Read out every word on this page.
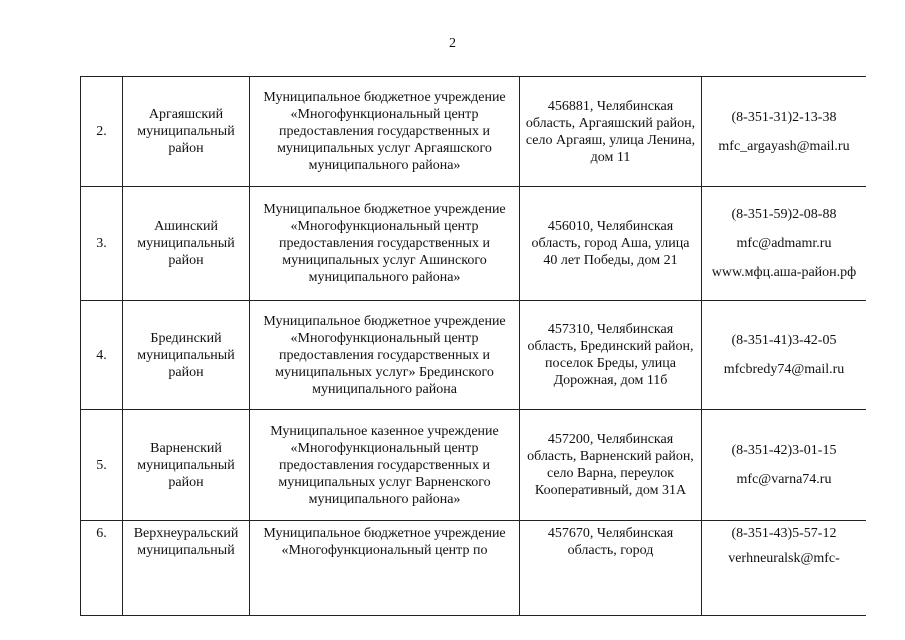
2
2.	Аргаяшский муниципальный район	Муниципальное бюджетное учреждение «Многофункциональный центр предоставления государственных и муниципальных услуг Аргаяшского муниципального района»	456881, Челябинская область, Аргаяшский район, село Аргаяш, улица Ленина, дом 11	(8-351-31)2-13-38

mfc_argayash@mail.ru

3.	Ашинский муниципальный район	Муниципальное бюджетное учреждение «Многофункциональный центр предоставления государственных и муниципальных услуг Ашинского муниципального района»	456010, Челябинская область, город Аша, улица 40 лет Победы, дом 21	(8-351-59)2-08-88

mfc@admamr.ru

www.мфц.аша-район.рф

4.	Брединский муниципальный район	Муниципальное бюджетное учреждение «Многофункциональный центр предоставления государственных и муниципальных услуг» Брединского муниципального района	457310, Челябинская область, Брединский район, поселок Бреды, улица Дорожная, дом 11б	(8-351-41)3-42-05

mfcbredy74@mail.ru

5.	Варненский муниципальный район	Муниципальное казенное учреждение «Многофункциональный центр предоставления государственных и муниципальных услуг Варненского муниципального района»	457200, Челябинская область, Варненский район, село Варна, переулок Кооперативный, дом 31А	(8-351-42)3-01-15

mfc@varna74.ru

6.	Верхнеуральский муниципальный	Муниципальное бюджетное учреждение «Многофункциональный центр по	457670, Челябинская область, город	(8-351-43)5-57-12

verhneuralsk@mfc-
